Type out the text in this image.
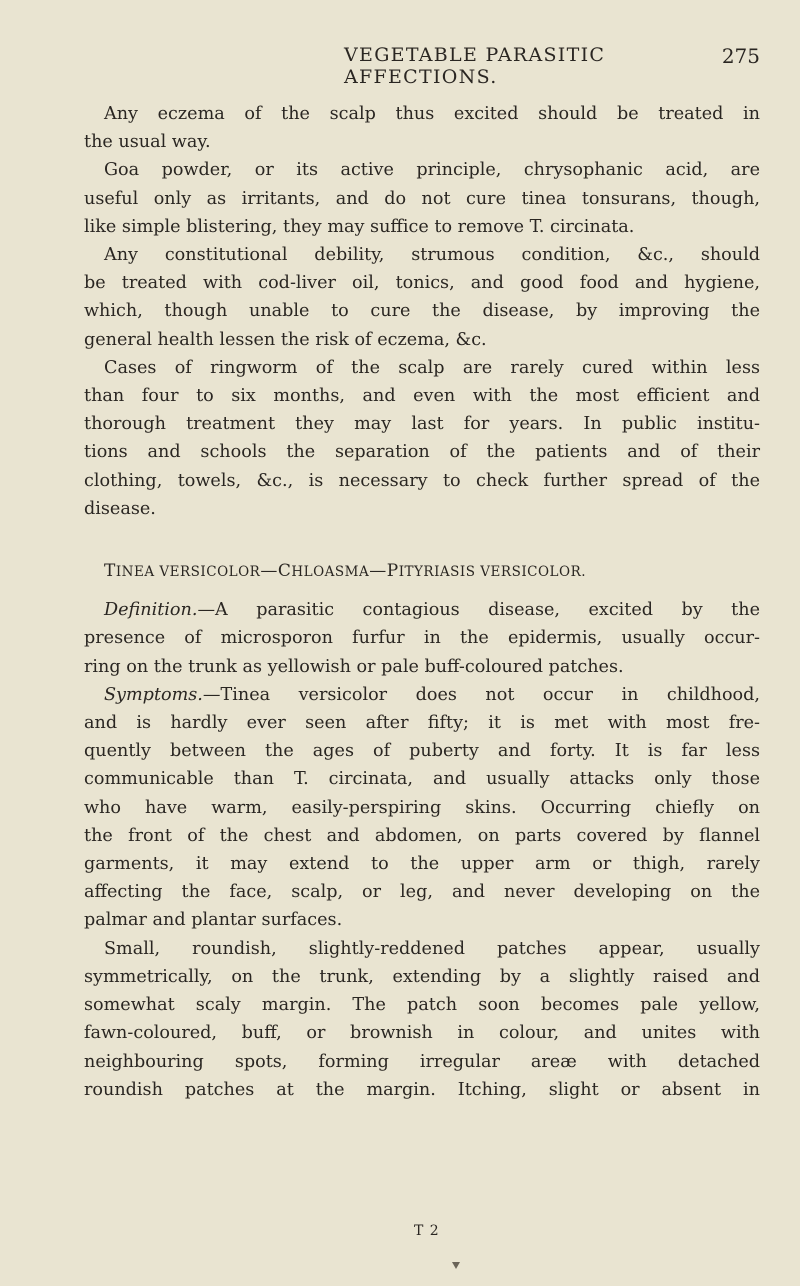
VEGETABLE PARASITIC AFFECTIONS.
275
Any eczema of the scalp thus excited should be treated in
the usual way.
Goa powder, or its active principle, chrysophanic acid, are
useful only as irritants, and do not cure tinea tonsurans, though,
like simple blistering, they may suffice to remove T. circinata.
Any constitutional debility, strumous condition, &c., should
be treated with cod-liver oil, tonics, and good food and hygiene,
which, though unable to cure the disease, by improving the
general health lessen the risk of eczema, &c.
Cases of ringworm of the scalp are rarely cured within less
than four to six months, and even with the most efficient and
thorough treatment they may last for years. In public institu-
tions and schools the separation of the patients and of their
clothing, towels, &c., is necessary to check further spread of the
disease.
TINEA VERSICOLOR—CHLOASMA—PITYRIASIS VERSICOLOR.
Definition.—A parasitic contagious disease, excited by the
presence of microsporon furfur in the epidermis, usually occur-
ring on the trunk as yellowish or pale buff-coloured patches.
Symptoms.—Tinea versicolor does not occur in childhood,
and is hardly ever seen after fifty; it is met with most fre-
quently between the ages of puberty and forty. It is far less
communicable than T. circinata, and usually attacks only those
who have warm, easily-perspiring skins. Occurring chiefly on
the front of the chest and abdomen, on parts covered by flannel
garments, it may extend to the upper arm or thigh, rarely
affecting the face, scalp, or leg, and never developing on the
palmar and plantar surfaces.
Small, roundish, slightly-reddened patches appear, usually
symmetrically, on the trunk, extending by a slightly raised and
somewhat scaly margin. The patch soon becomes pale yellow,
fawn-coloured, buff, or brownish in colour, and unites with
neighbouring spots, forming irregular areæ with detached
roundish patches at the margin. Itching, slight or absent in
T 2
